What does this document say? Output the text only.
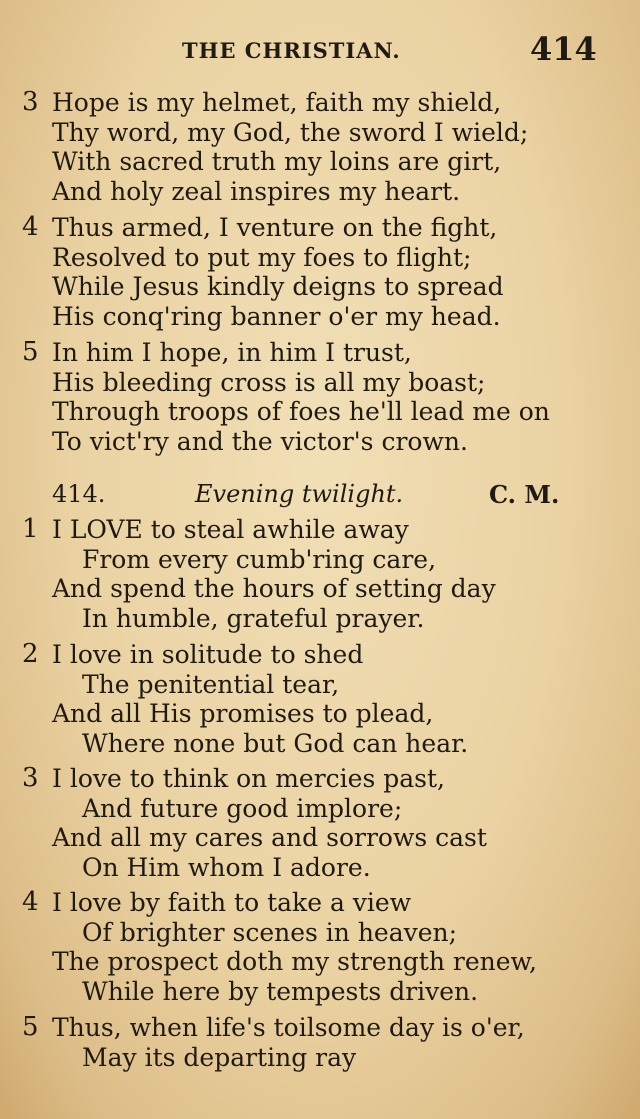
THE CHRISTIAN.	414
3 Hope is my helmet, faith my shield,
Thy word, my God, the sword I wield;
With sacred truth my loins are girt,
And holy zeal inspires my heart.
4 Thus armed, I venture on the fight,
Resolved to put my foes to flight;
While Jesus kindly deigns to spread
His conq'ring banner o'er my head.
5 In him I hope, in him I trust,
His bleeding cross is all my boast;
Through troops of foes he'll lead me on
To vict'ry and the victor's crown.
414.	Evening twilight.	C. M.
1 I LOVE to steal awhile away
From every cumb'ring care,
And spend the hours of setting day
In humble, grateful prayer.
2 I love in solitude to shed
The penitential tear,
And all His promises to plead,
Where none but God can hear.
3 I love to think on mercies past,
And future good implore;
And all my cares and sorrows cast
On Him whom I adore.
4 I love by faith to take a view
Of brighter scenes in heaven;
The prospect doth my strength renew,
While here by tempests driven.
5 Thus, when life's toilsome day is o'er,
May its departing ray
